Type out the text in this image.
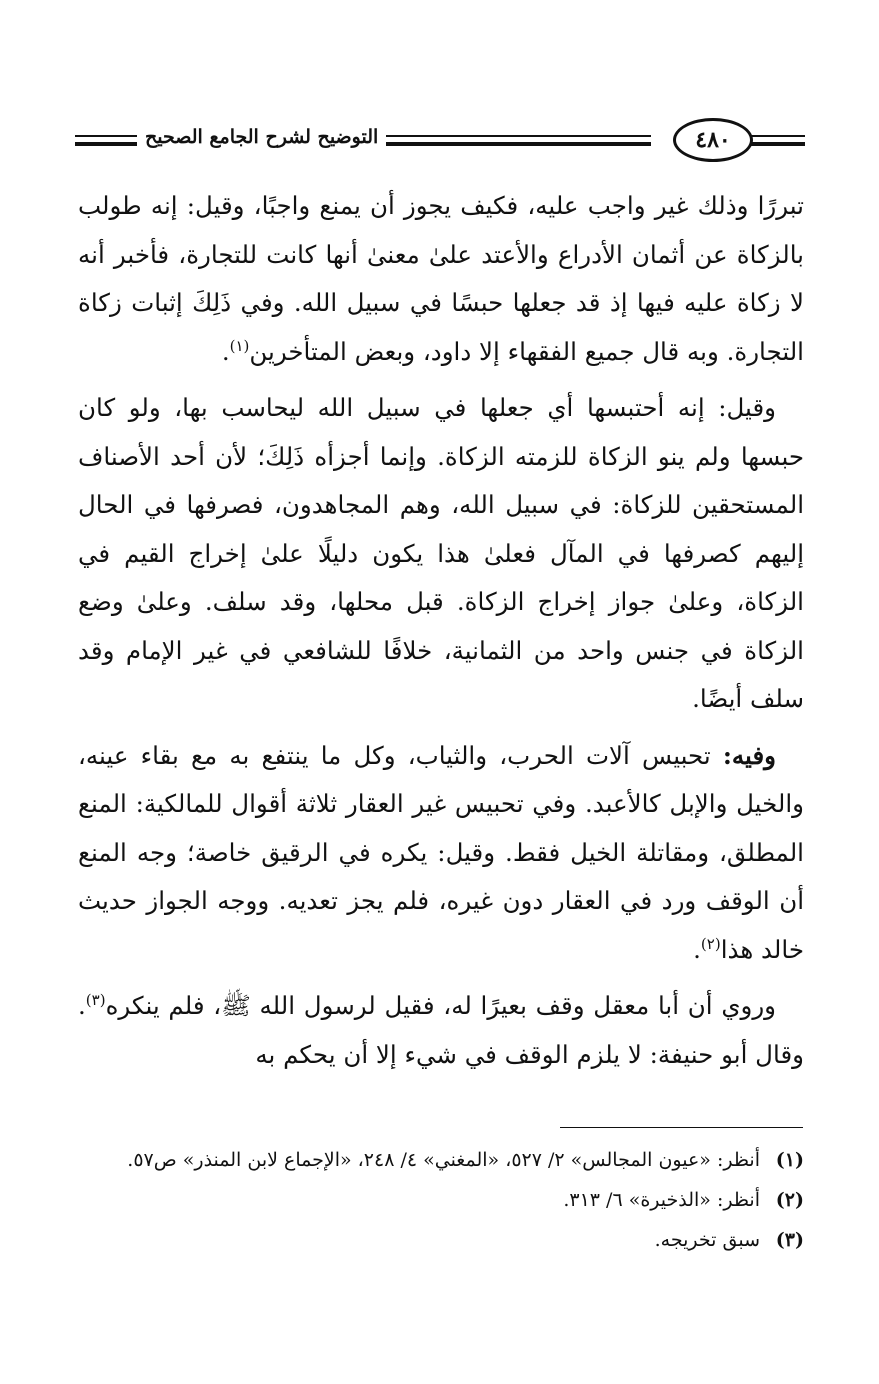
التوضيح لشرح الجامع الصحيح	٤٨٠

تبررًا وذلك غير واجب عليه، فكيف يجوز أن يمنع واجبًا، وقيل: إنه طولب بالزكاة عن أثمان الأدراع والأعتد علىٰ معنىٰ أنها كانت للتجارة، فأخبر أنه لا زكاة عليه فيها إذ قد جعلها حبسًا في سبيل الله. وفي ذَلِكَ إثبات زكاة التجارة. وبه قال جميع الفقهاء إلا داود، وبعض المتأخرين$^{(١)}$.

وقيل: إنه أحتبسها أي جعلها في سبيل الله ليحاسب بها، ولو كان حبسها ولم ينو الزكاة للزمته الزكاة. وإنما أجزأه ذَلِكَ؛ لأن أحد الأصناف المستحقين للزكاة: في سبيل الله، وهم المجاهدون، فصرفها في الحال إليهم كصرفها في المآل فعلىٰ هذا يكون دليلًا علىٰ إخراج القيم في الزكاة، وعلىٰ جواز إخراج الزكاة. قبل محلها، وقد سلف. وعلىٰ وضع الزكاة في جنس واحد من الثمانية، خلافًا للشافعي في غير الإمام وقد سلف أيضًا.

وفيه: تحبيس آلات الحرب، والثياب، وكل ما ينتفع به مع بقاء عينه، والخيل والإبل كالأعبد. وفي تحبيس غير العقار ثلاثة أقوال للمالكية: المنع المطلق، ومقاتلة الخيل فقط. وقيل: يكره في الرقيق خاصة؛ وجه المنع أن الوقف ورد في العقار دون غيره، فلم يجز تعديه. ووجه الجواز حديث خالد هذا$^{(٢)}$.

وروي أن أبا معقل وقف بعيرًا له، فقيل لرسول الله ﷺ، فلم ينكره$^{(٣)}$. وقال أبو حنيفة: لا يلزم الوقف في شيء إلا أن يحكم به

(١)
أنظر: «عيون المجالس» ٢/ ٥٢٧، «المغني» ٤/ ٢٤٨، «الإجماع لابن المنذر» ص٥٧.
(٢)
أنظر: «الذخيرة» ٦/ ٣١٣.
(٣)
سبق تخريجه.
